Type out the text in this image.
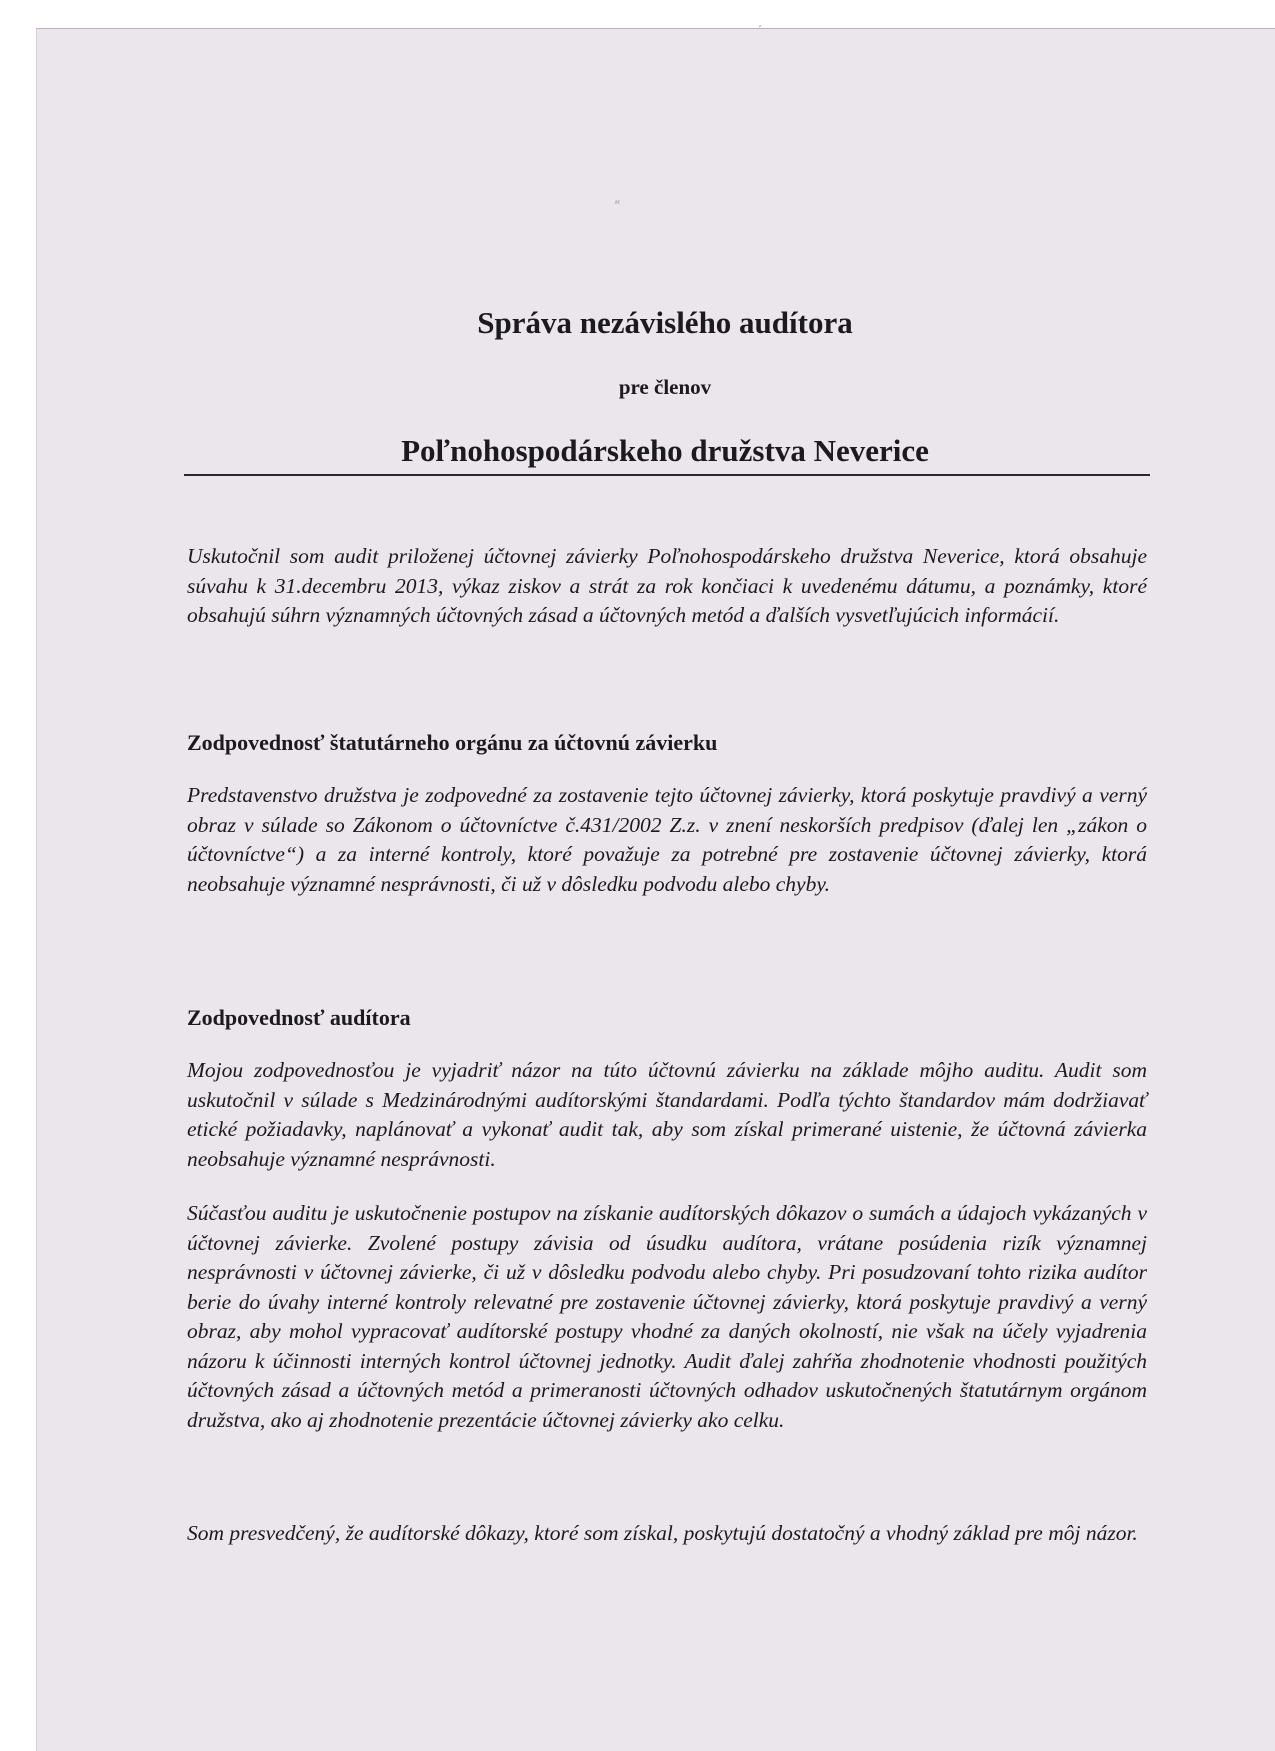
ᵃᶜ
′
Správa nezávislého audítora
pre členov
Poľnohospodárskeho družstva Neverice

Uskutočnil som audit priloženej účtovnej závierky Poľnohospodárskeho družstva Neverice, ktorá obsahuje súvahu k 31.decembru 2013, výkaz ziskov a strát za rok končiaci k uvedenému dátumu, a poznámky, ktoré obsahujú súhrn významných účtovných zásad a účtovných metód a ďalších vysvetľujúcich informácií.

Zodpovednosť štatutárneho orgánu za účtovnú závierku

Predstavenstvo družstva je zodpovedné za zostavenie tejto účtovnej závierky, ktorá poskytuje pravdivý a verný obraz v súlade so Zákonom o účtovníctve č.431/2002 Z.z. v znení neskorších predpisov (ďalej len „zákon o účtovníctve“) a za interné kontroly, ktoré považuje za potrebné pre zostavenie účtovnej závierky, ktorá neobsahuje významné nesprávnosti, či už v dôsledku podvodu alebo chyby.

Zodpovednosť audítora

Mojou zodpovednosťou je vyjadriť názor na túto účtovnú závierku na základe môjho auditu. Audit som uskutočnil v súlade s Medzinárodnými audítorskými štandardami. Podľa týchto štandardov mám dodržiavať etické požiadavky, naplánovať a vykonať audit tak, aby som získal primerané uistenie, že účtovná závierka neobsahuje významné nesprávnosti.

Súčasťou auditu je uskutočnenie postupov na získanie audítorských dôkazov o sumách a údajoch vykázaných v účtovnej závierke. Zvolené postupy závisia od úsudku audítora, vrátane posúdenia rizík významnej nesprávnosti v účtovnej závierke, či už v dôsledku podvodu alebo chyby. Pri posudzovaní tohto rizika audítor berie do úvahy interné kontroly relevatné pre zostavenie účtovnej závierky, ktorá poskytuje pravdivý a verný obraz, aby mohol vypracovať audítorské postupy vhodné za daných okolností, nie však na účely vyjadrenia názoru k účinnosti interných kontrol účtovnej jednotky. Audit ďalej zahŕňa zhodnotenie vhodnosti použitých účtovných zásad a účtovných metód a primeranosti účtovných odhadov uskutočnených štatutárnym orgánom družstva, ako aj zhodnotenie prezentácie účtovnej závierky ako celku.

Som presvedčený, že audítorské dôkazy, ktoré som získal, poskytujú dostatočný a vhodný základ pre môj názor.
